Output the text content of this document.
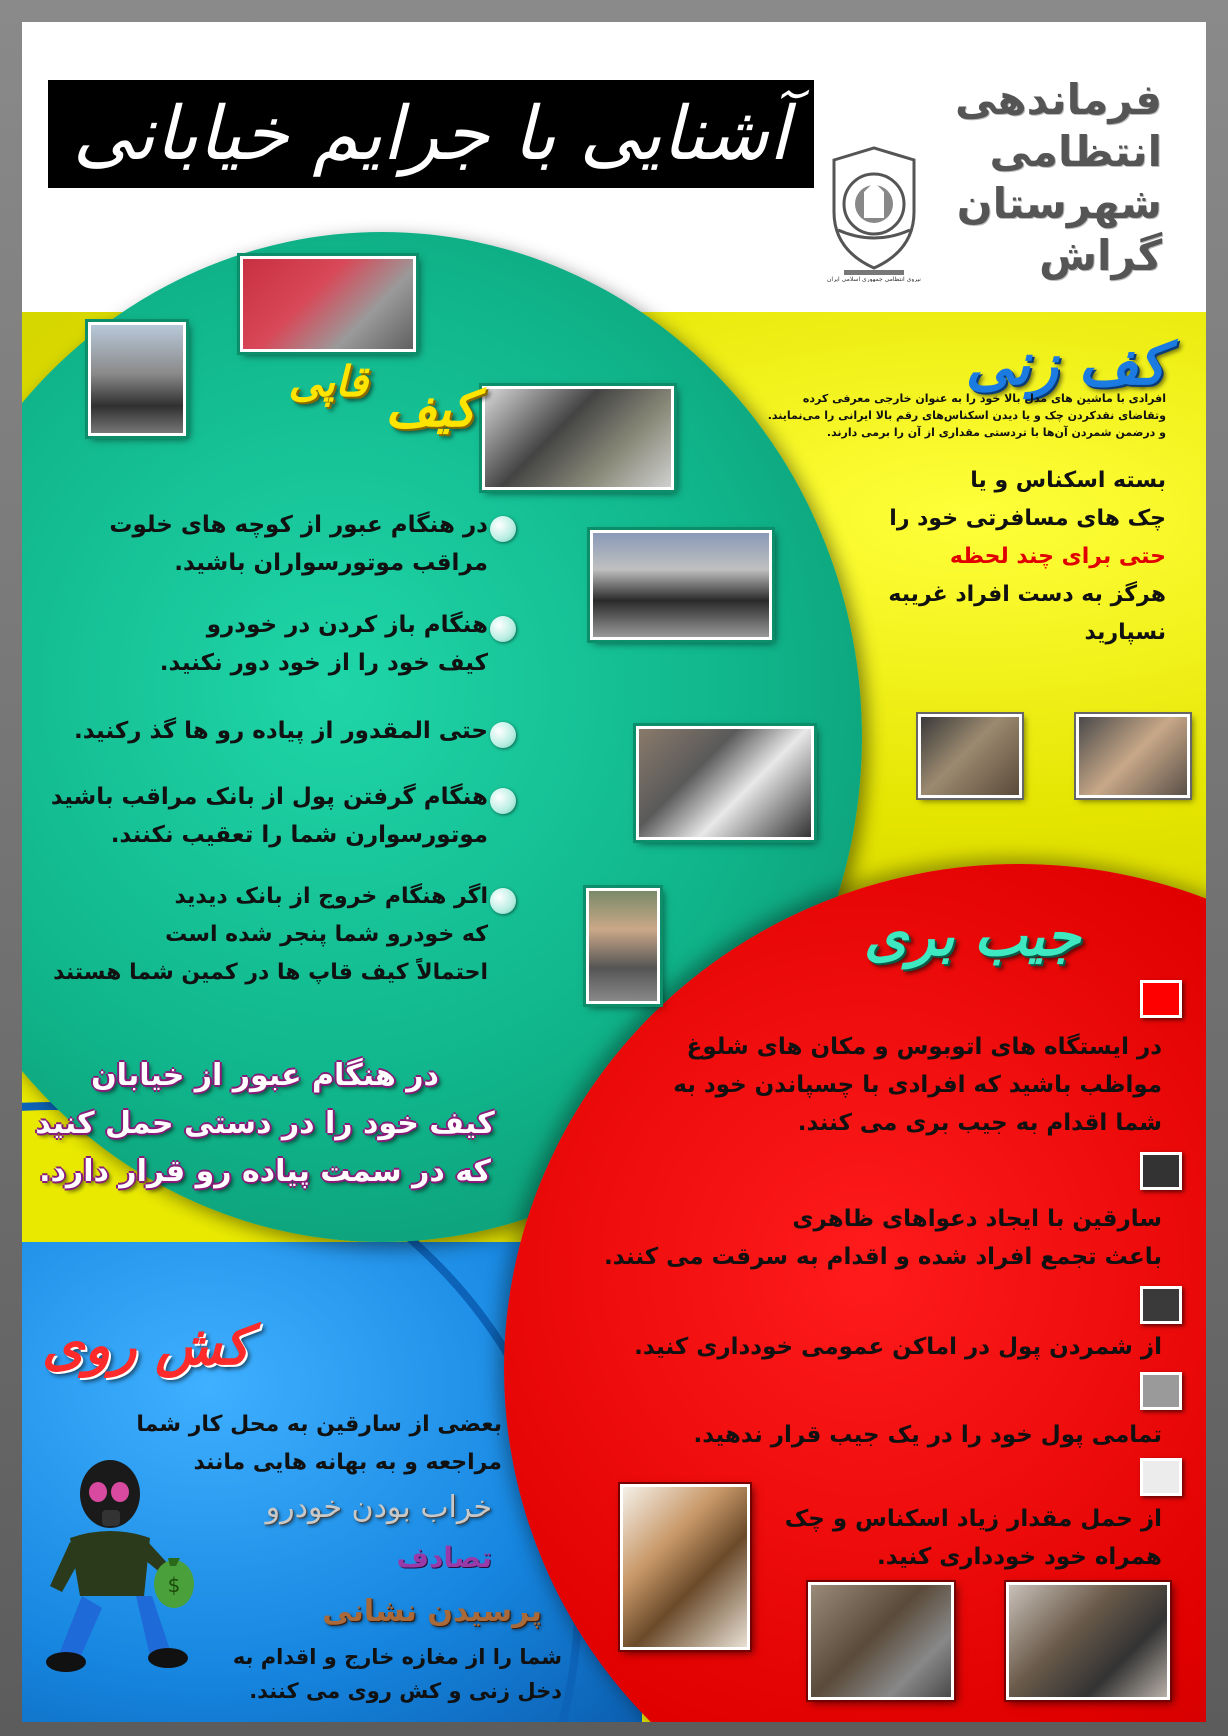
آشنایی با جرایم خیابانی	فرماندهی انتظامی
شهرستان
گراش
نیروی انتظامی جمهوری اسلامی ایران
کف زنی
افرادی با ماشین های مدل بالا خود را به عنوان خارجی معرفی کرده
وتقاضای نقدکردن چک و یا دیدن اسکناس‌های رقم بالا ایرانی را می‌نمایند.
و درضمن شمردن آن‌ها با تردستی مقداری از آن را برمی دارند.
بسته اسکناس و یا
چک های مسافرتی خود را
حتی برای چند لحظه
هرگز به دست افراد غریبه
نسپارید
کیف $^{قاپی}$
در هنگام عبور از کوچه های خلوت
مراقب موتورسواران باشید.
هنگام باز کردن در خودرو
کیف خود را از خود دور نکنید.
حتی المقدور از پیاده رو ها گذ رکنید.
هنگام گرفتن پول از بانک مراقب باشید
موتورسوارن شما را تعقیب نکنند.
اگر هنگام خروج از بانک دیدید
که خودرو شما پنجر شده است
احتمالاً کیف قاپ ها در کمین شما هستند
در هنگام عبور از خیابان
کیف خود را در دستی حمل کنید
که در سمت پیاده رو قرار دارد.
جیب بری
در ایستگاه های اتوبوس و مکان های شلوغ
مواظب باشید که افرادی با چسپاندن خود به
شما اقدام به جیب بری می کنند.
سارقین با ایجاد دعواهای ظاهری
باعث تجمع افراد شده و اقدام به سرقت می کنند.
از شمردن پول در اماکن عمومی خودداری کنید.
تمامی پول خود را در یک جیب قرار ندهید.
از حمل مقدار زیاد اسکناس و چک
همراه خود خودداری کنید.
کش روی
بعضی از سارقین به محل کار شما
مراجعه و به بهانه هایی مانند
خراب بودن خودرو
تصادف
پرسیدن نشانی
شما را از مغازه خارج و اقدام به
دخل زنی و کش روی می کنند.
$
